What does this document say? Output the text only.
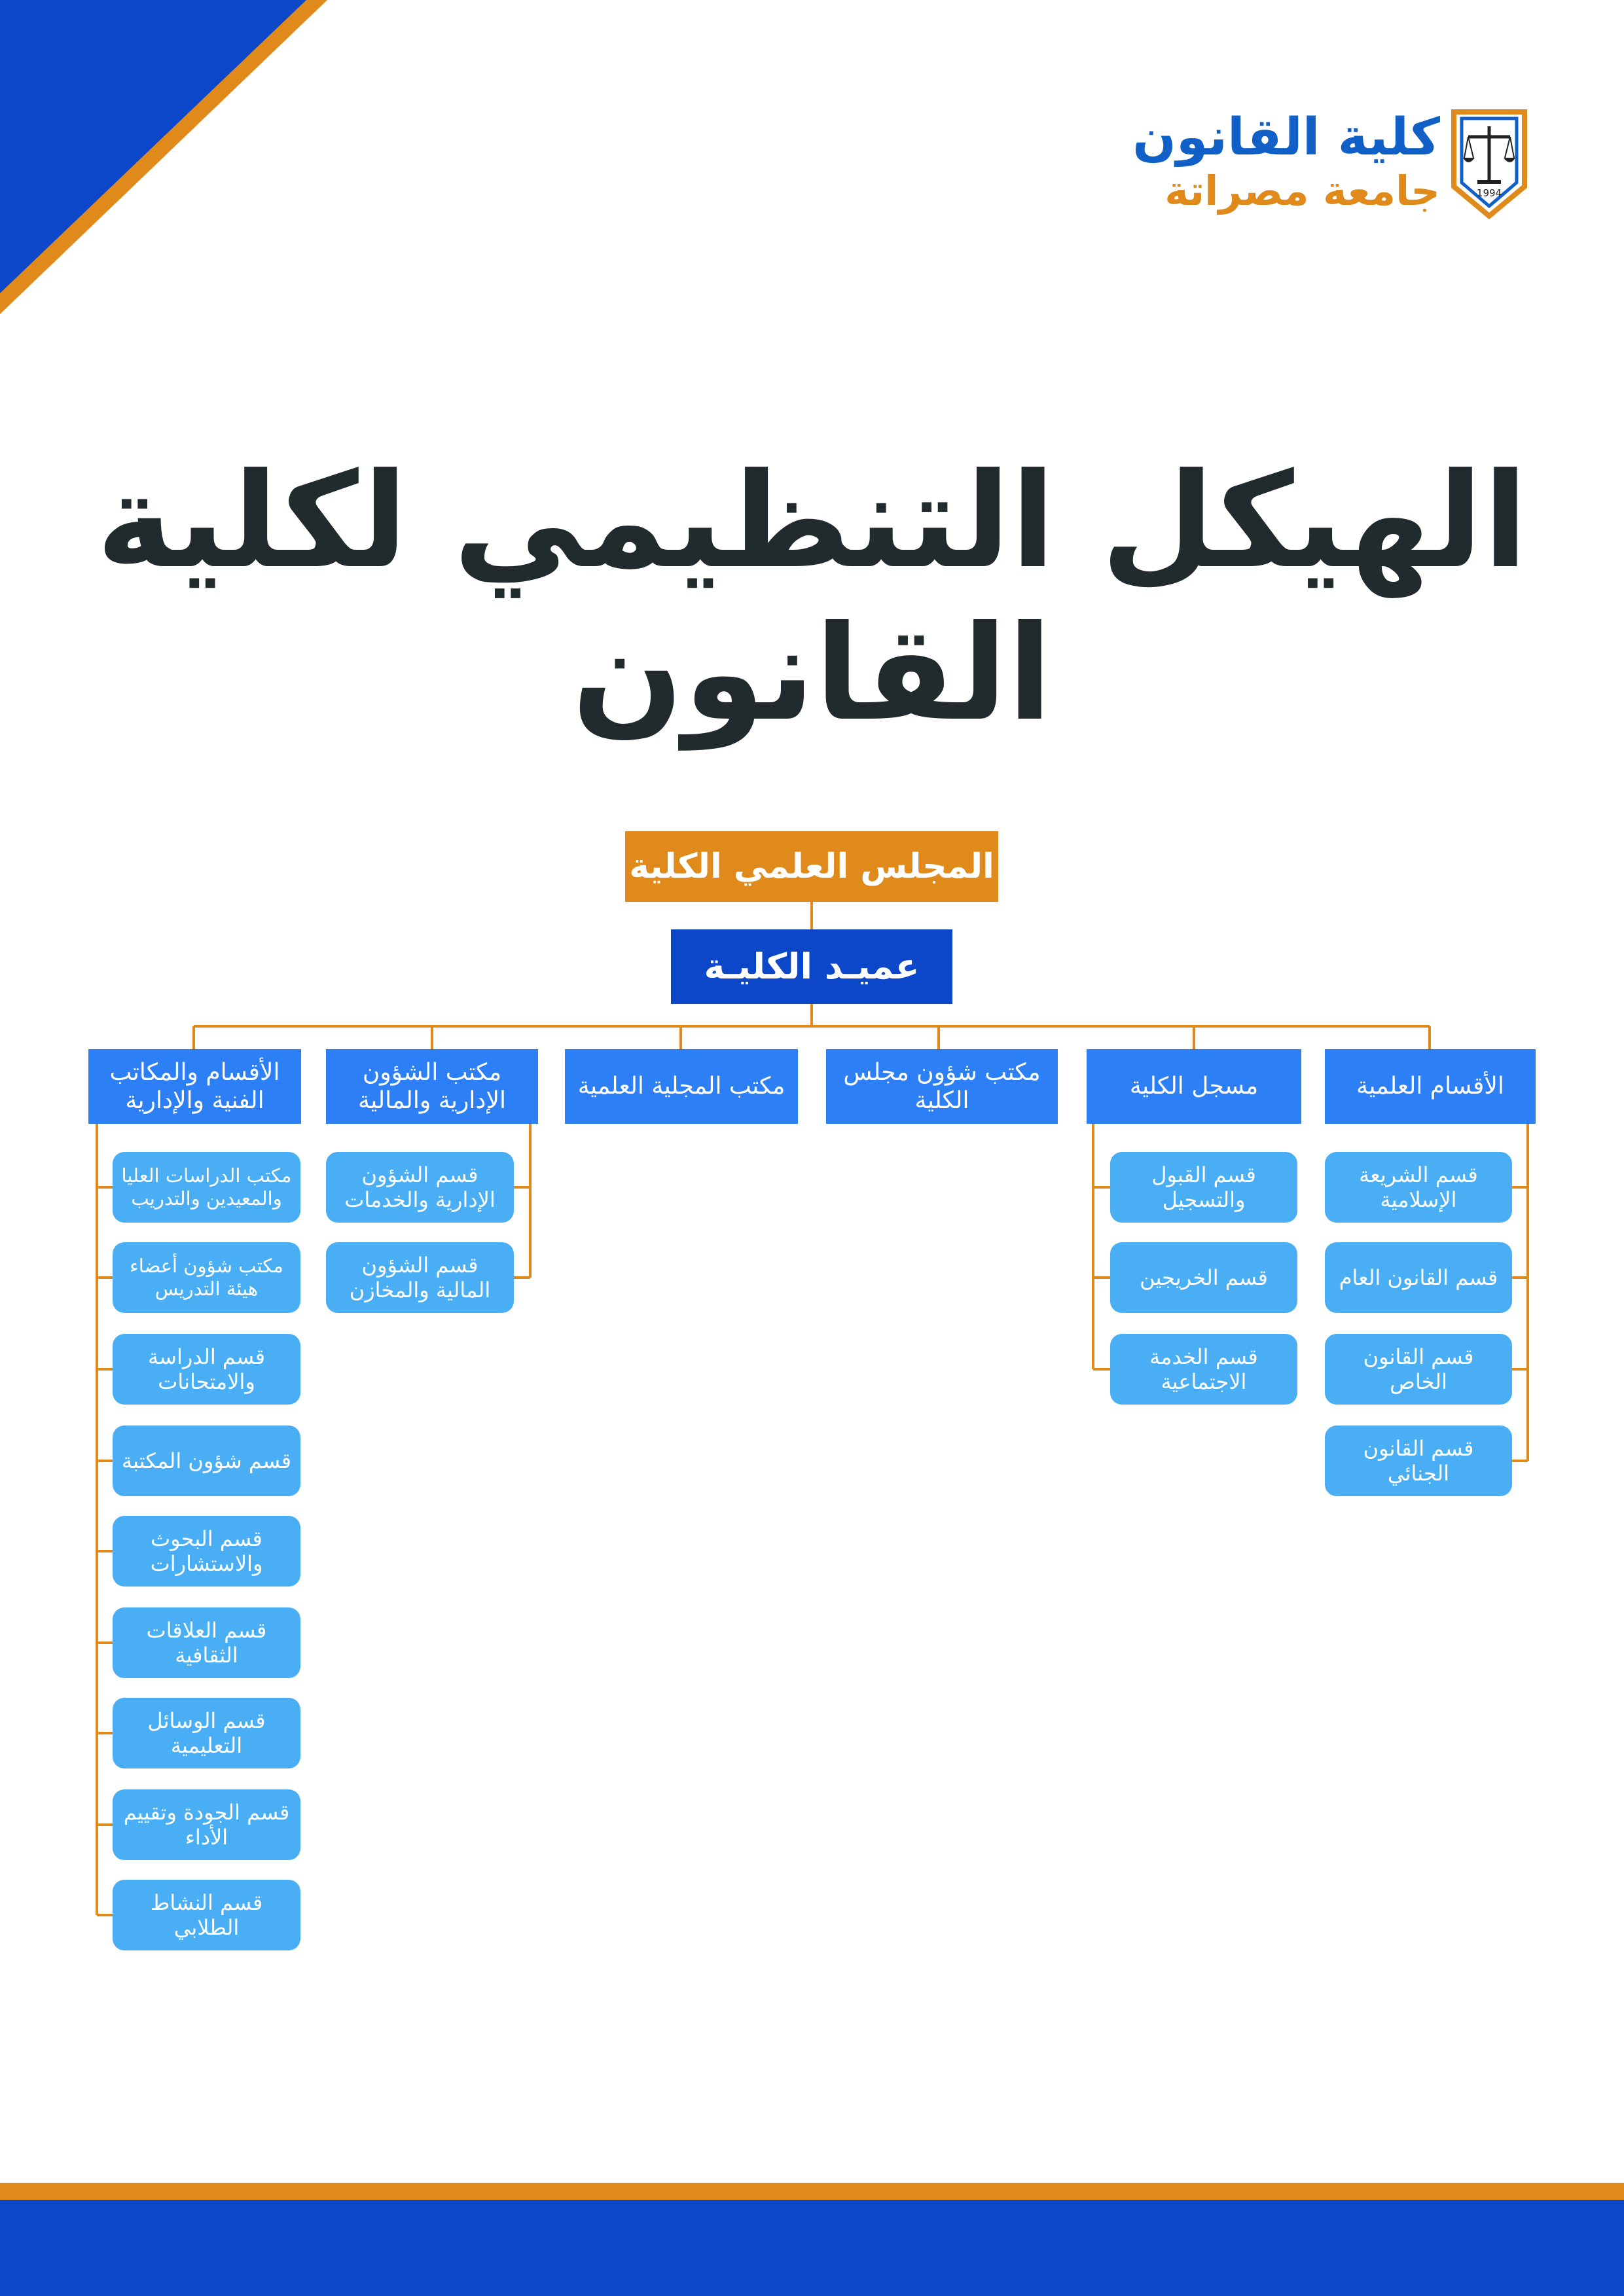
1994
كلية القانون
جامعة مصراتة
الهيكل التنظيمي لكلية القانون
المجلس العلمي الكلية
عميـد الكليـة
الأقسام العلمية
مسجل الكلية
مكتب شؤون مجلس الكلية
مكتب المجلية العلمية
مكتب الشؤون الإدارية والمالية
الأقسام والمكاتب الفنية والإدارية
قسم الشريعة الإسلامية
قسم القانون العام
قسم القانون الخاص
قسم القانون الجنائي
قسم القبول والتسجيل
قسم الخريجين
قسم الخدمة الاجتماعية
قسم الشؤون الإدارية والخدمات
قسم الشؤون المالية والمخازن
مكتب الدراسات العليا والمعيدين والتدريب
مكتب شؤون أعضاء هيئة التدريس
قسم الدراسة والامتحانات
قسم شؤون المكتبة
قسم البحوث والاستشارات
قسم العلاقات الثقافية
قسم الوسائل التعليمية
قسم الجودة وتقييم الأداء
قسم النشاط الطلابي
